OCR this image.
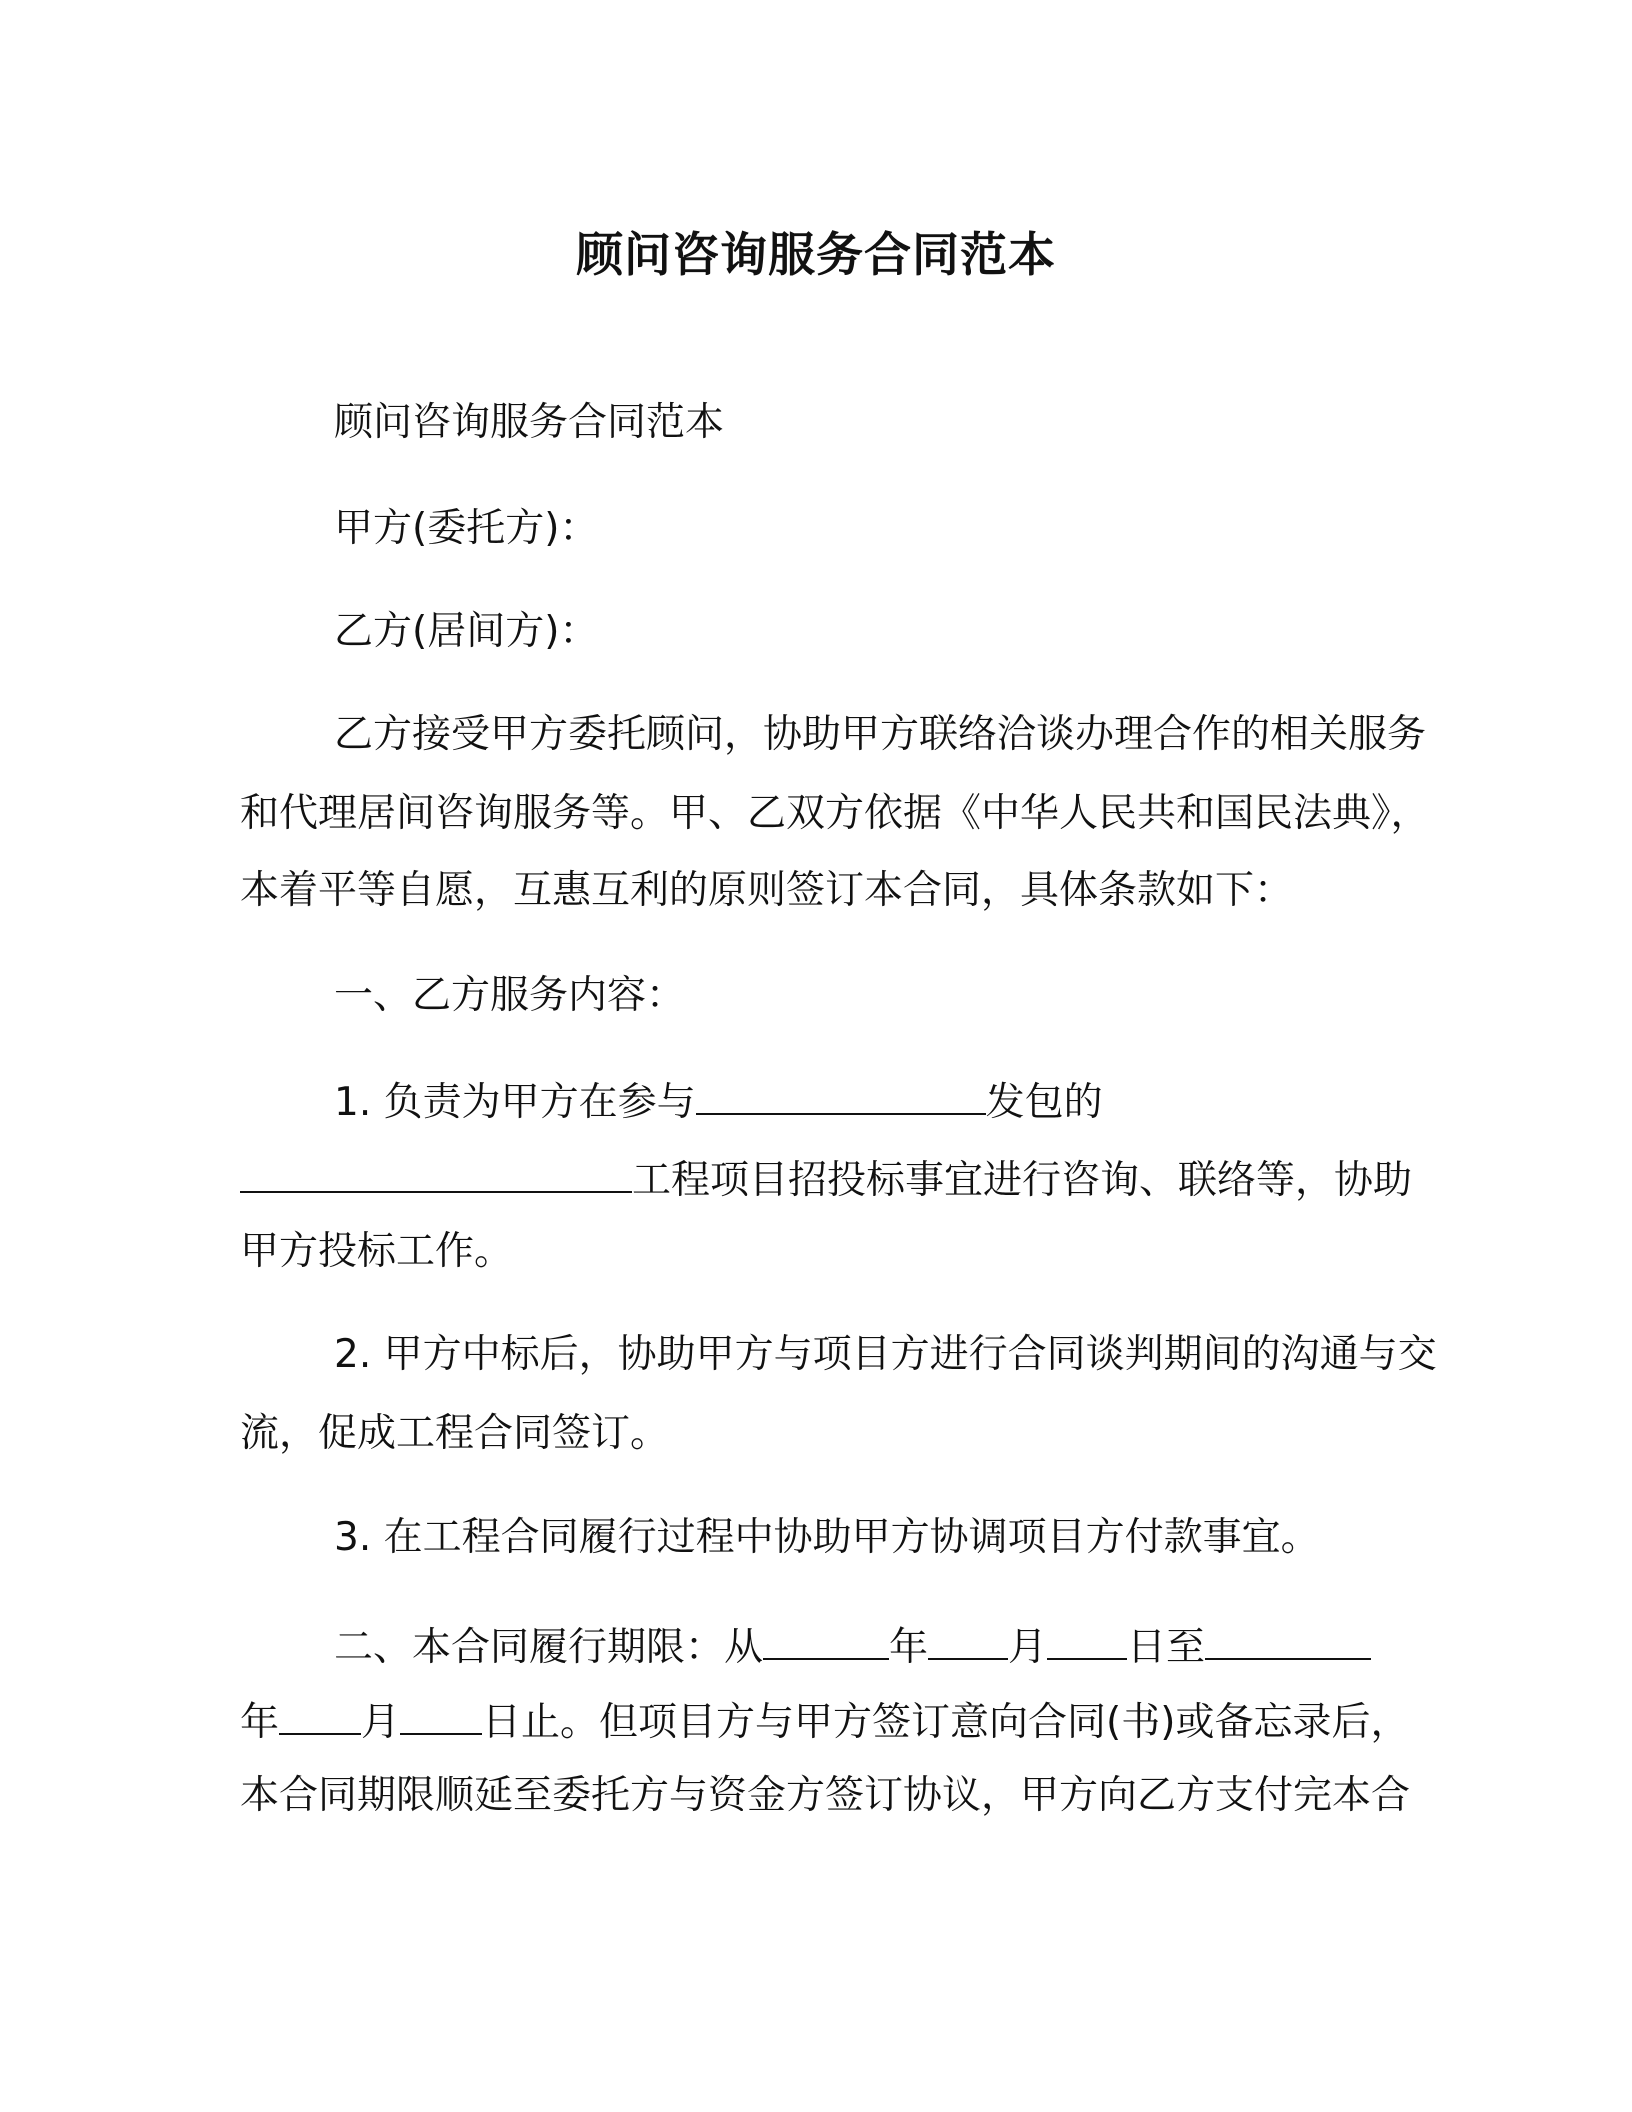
顾问咨询服务合同范本
顾问咨询服务合同范本
甲方(委托方)：
乙方(居间方)：
乙方接受甲方委托顾问，协助甲方联络洽谈办理合作的相关服务
和代理居间咨询服务等。甲、乙双方依据《中华人民共和国民法典》，
本着平等自愿，互惠互利的原则签订本合同，具体条款如下：
一、乙方服务内容：
1. 负责为甲方在参与	发包的
工程项目招投标事宜进行咨询、联络等，协助
甲方投标工作。
2. 甲方中标后，协助甲方与项目方进行合同谈判期间的沟通与交
流，促成工程合同签订。
3. 在工程合同履行过程中协助甲方协调项目方付款事宜。
二、本合同履行期限：从	年 月 日至
年 月 日止。但项目方与甲方签订意向合同(书)或备忘录后，
本合同期限顺延至委托方与资金方签订协议，甲方向乙方支付完本合
